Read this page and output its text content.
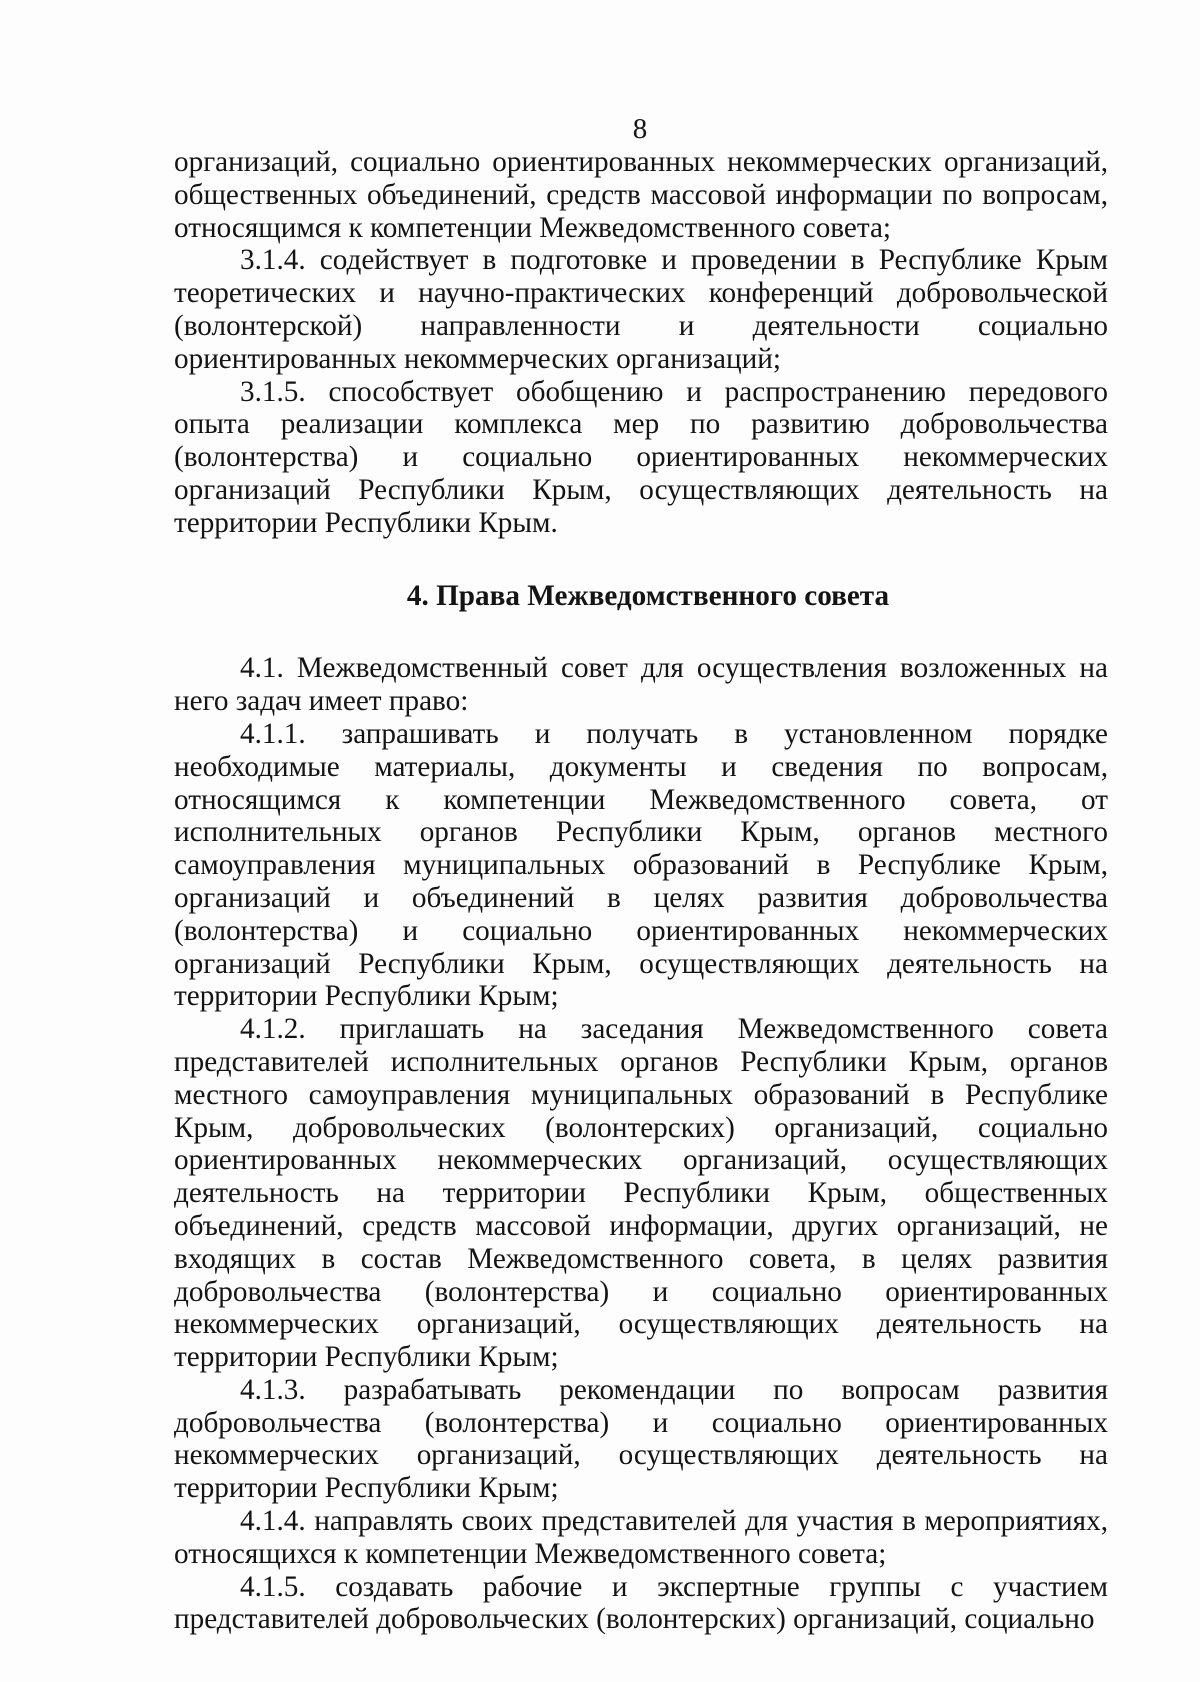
8

организаций, социально ориентированных некоммерческих организаций, общественных объединений, средств массовой информации по вопросам, относящимся к компетенции Межведомственного совета;

3.1.4. содействует в подготовке и проведении в Республике Крым теоретических и научно-практических конференций добровольческой (волонтерской) направленности и деятельности социально ориентированных некоммерческих организаций;

3.1.5. способствует обобщению и распространению передового опыта реализации комплекса мер по развитию добровольчества (волонтерства) и социально ориентированных некоммерческих организаций Республики Крым, осуществляющих деятельность на территории Республики Крым.

4. Права Межведомственного совета

4.1. Межведомственный совет для осуществления возложенных на него задач имеет право:

4.1.1. запрашивать и получать в установленном порядке необходимые материалы, документы и сведения по вопросам, относящимся к компетенции Межведомственного совета, от исполнительных органов Республики Крым, органов местного самоуправления муниципальных образований в Республике Крым, организаций и объединений в целях развития добровольчества (волонтерства) и социально ориентированных некоммерческих организаций Республики Крым, осуществляющих деятельность на территории Республики Крым;

4.1.2. приглашать на заседания Межведомственного совета представителей исполнительных органов Республики Крым, органов местного самоуправления муниципальных образований в Республике Крым, добровольческих (волонтерских) организаций, социально ориентированных некоммерческих организаций, осуществляющих деятельность на территории Республики Крым, общественных объединений, средств массовой информации, других организаций, не входящих в состав Межведомственного совета, в целях развития добровольчества (волонтерства) и социально ориентированных некоммерческих организаций, осуществляющих деятельность на территории Республики Крым;

4.1.3. разрабатывать рекомендации по вопросам развития добровольчества (волонтерства) и социально ориентированных некоммерческих организаций, осуществляющих деятельность на территории Республики Крым;

4.1.4. направлять своих представителей для участия в мероприятиях, относящихся к компетенции Межведомственного совета;

4.1.5. создавать рабочие и экспертные группы с участием представителей добровольческих (волонтерских) организаций, социально
